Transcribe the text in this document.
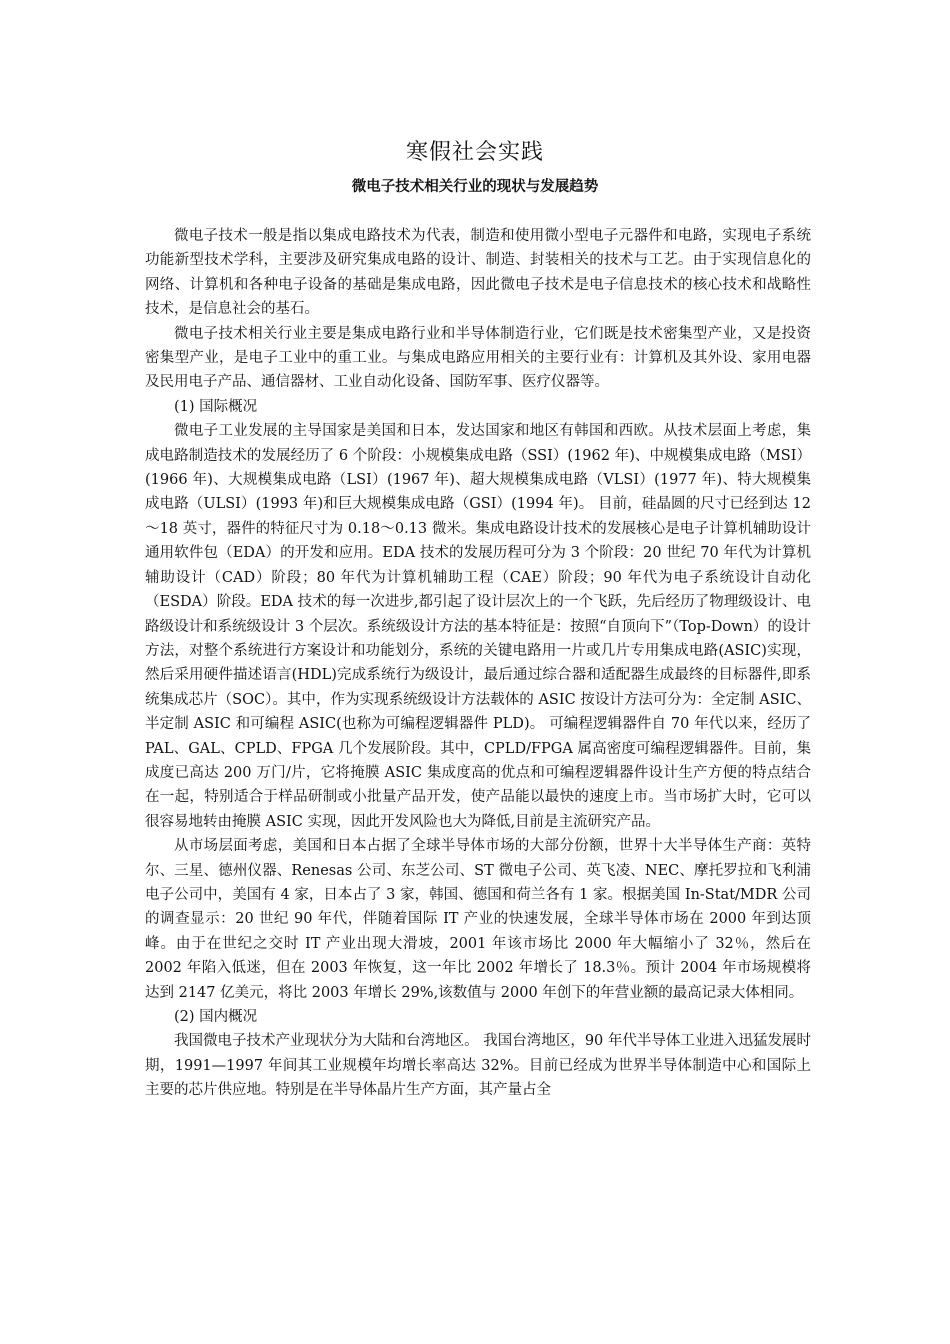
寒假社会实践
微电子技术相关行业的现状与发展趋势

微电子技术一般是指以集成电路技术为代表，制造和使用微小型电子元器件和电路，实现电子系统功能新型技术学科，主要涉及研究集成电路的设计、制造、封装相关的技术与工艺。由于实现信息化的网络、计算机和各种电子设备的基础是集成电路，因此微电子技术是电子信息技术的核心技术和战略性技术，是信息社会的基石。

微电子技术相关行业主要是集成电路行业和半导体制造行业，它们既是技术密集型产业，又是投资密集型产业，是电子工业中的重工业。与集成电路应用相关的主要行业有：计算机及其外设、家用电器及民用电子产品、通信器材、工业自动化设备、国防军事、医疗仪器等。

(1) 国际概况

微电子工业发展的主导国家是美国和日本，发达国家和地区有韩国和西欧。从技术层面上考虑，集成电路制造技术的发展经历了 6 个阶段：小规模集成电路（SSI）(1962 年)、中规模集成电路（MSI）(1966 年)、大规模集成电路（LSI）(1967 年)、超大规模集成电路（VLSI）(1977 年)、特大规模集成电路（ULSI）(1993 年)和巨大规模集成电路（GSI）(1994 年)。 目前，硅晶圆的尺寸已经到达 12～18 英寸，器件的特征尺寸为 0.18～0.13 微米。集成电路设计技术的发展核心是电子计算机辅助设计通用软件包（EDA）的开发和应用。EDA 技术的发展历程可分为 3 个阶段：20 世纪 70 年代为计算机辅助设计（CAD）阶段；80 年代为计算机辅助工程（CAE）阶段；90 年代为电子系统设计自动化（ESDA）阶段。EDA 技术的每一次进步,都引起了设计层次上的一个飞跃，先后经历了物理级设计、电路级设计和系统级设计 3 个层次。系统级设计方法的基本特征是：按照“自顶向下”（Top-Down）的设计方法，对整个系统进行方案设计和功能划分，系统的关键电路用一片或几片专用集成电路(ASIC)实现，然后采用硬件描述语言(HDL)完成系统行为级设计，最后通过综合器和适配器生成最终的目标器件,即系统集成芯片（SOC）。其中，作为实现系统级设计方法载体的 ASIC 按设计方法可分为：全定制 ASIC、半定制 ASIC 和可编程 ASIC(也称为可编程逻辑器件 PLD)。 可编程逻辑器件自 70 年代以来，经历了 PAL、GAL、CPLD、FPGA 几个发展阶段。其中，CPLD/FPGA 属高密度可编程逻辑器件。目前，集成度已高达 200 万门/片，它将掩膜 ASIC 集成度高的优点和可编程逻辑器件设计生产方便的特点结合在一起，特别适合于样品研制或小批量产品开发，使产品能以最快的速度上市。当市场扩大时，它可以很容易地转由掩膜 ASIC 实现，因此开发风险也大为降低,目前是主流研究产品。

从市场层面考虑，美国和日本占据了全球半导体市场的大部分份额，世界十大半导体生产商：英特尔、三星、德州仪器、Renesas 公司、东芝公司、ST 微电子公司、英飞凌、NEC、摩托罗拉和飞利浦电子公司中，美国有 4 家，日本占了 3 家，韩国、德国和荷兰各有 1 家。根据美国 In-Stat/MDR 公司的调查显示：20 世纪 90 年代，伴随着国际 IT 产业的快速发展，全球半导体市场在 2000 年到达顶峰。由于在世纪之交时 IT 产业出现大滑坡，2001 年该市场比 2000 年大幅缩小了 32％，然后在 2002 年陷入低迷，但在 2003 年恢复，这一年比 2002 年增长了 18.3％。预计 2004 年市场规模将达到 2147 亿美元，将比 2003 年增长 29%,该数值与 2000 年创下的年营业额的最高记录大体相同。

(2) 国内概况

我国微电子技术产业现状分为大陆和台湾地区。 我国台湾地区，90 年代半导体工业进入迅猛发展时期，1991—1997 年间其工业规模年均增长率高达 32%。目前已经成为世界半导体制造中心和国际上主要的芯片供应地。特别是在半导体晶片生产方面，其产量占全
